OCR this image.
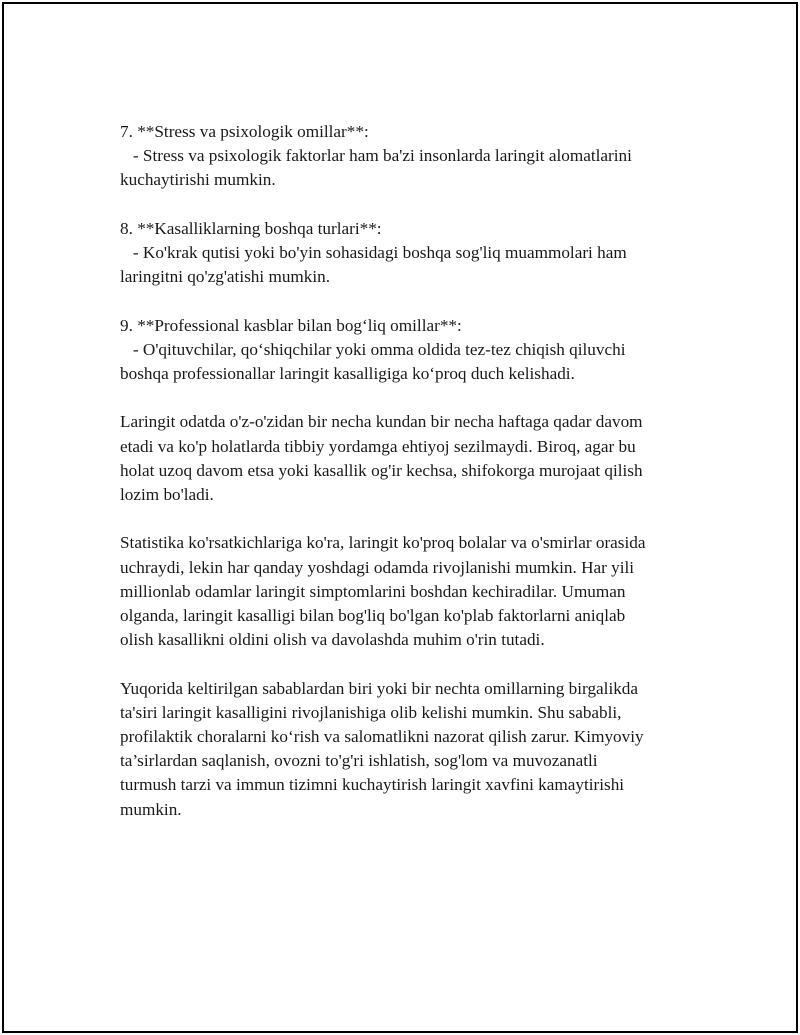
7. **Stress va psixologik omillar**:

- Stress va psixologik faktorlar ham ba'zi insonlarda laringit alomatlarini

kuchaytirishi mumkin.

8. **Kasalliklarning boshqa turlari**:

- Ko'krak qutisi yoki bo'yin sohasidagi boshqa sog'liq muammolari ham

laringitni qo'zg'atishi mumkin.

9. **Professional kasblar bilan bog‘liq omillar**:

- O'qituvchilar, qo‘shiqchilar yoki omma oldida tez-tez chiqish qiluvchi

boshqa professionallar laringit kasalligiga ko‘proq duch kelishadi.

Laringit odatda o'z-o'zidan bir necha kundan bir necha haftaga qadar davom

etadi va ko'p holatlarda tibbiy yordamga ehtiyoj sezilmaydi. Biroq, agar bu

holat uzoq davom etsa yoki kasallik og'ir kechsa, shifokorga murojaat qilish

lozim bo'ladi.

Statistika ko'rsatkichlariga ko'ra, laringit ko'proq bolalar va o'smirlar orasida

uchraydi, lekin har qanday yoshdagi odamda rivojlanishi mumkin. Har yili

millionlab odamlar laringit simptomlarini boshdan kechiradilar. Umuman

olganda, laringit kasalligi bilan bog'liq bo'lgan ko'plab faktorlarni aniqlab

olish kasallikni oldini olish va davolashda muhim o'rin tutadi.

Yuqorida keltirilgan sabablardan biri yoki bir nechta omillarning birgalikda

ta'siri laringit kasalligini rivojlanishiga olib kelishi mumkin. Shu sababli,

profilaktik choralarni ko‘rish va salomatlikni nazorat qilish zarur. Kimyoviy

ta’sirlardan saqlanish, ovozni to'g'ri ishlatish, sog'lom va muvozanatli

turmush tarzi va immun tizimni kuchaytirish laringit xavfini kamaytirishi

mumkin.
